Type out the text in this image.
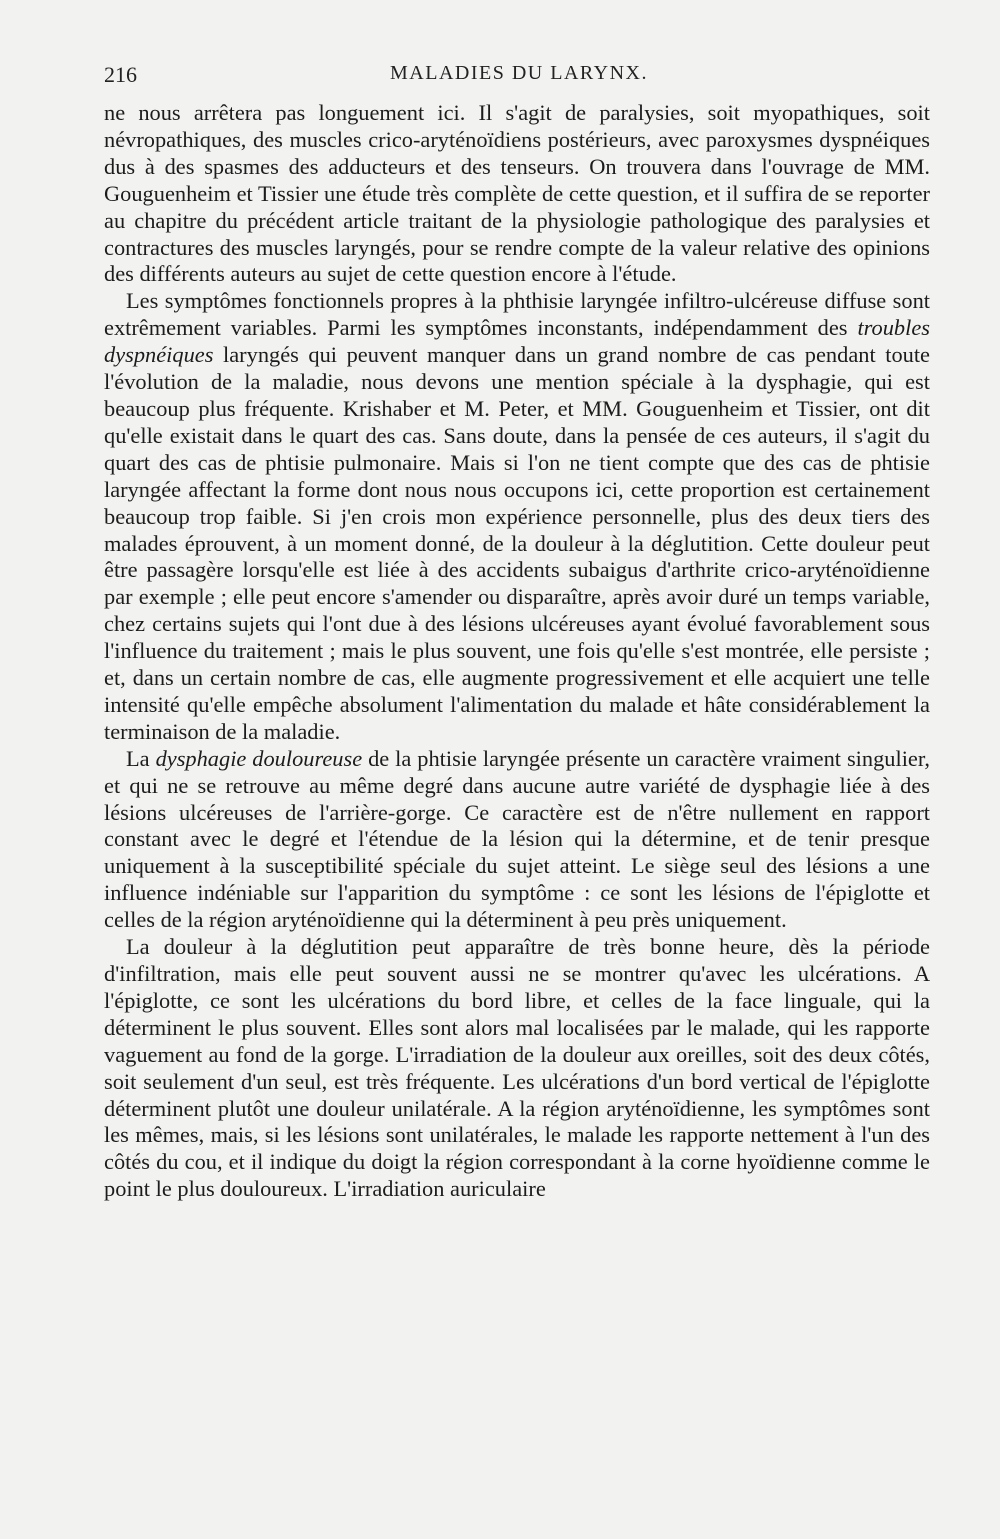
216	MALADIES DU LARYNX.

ne nous arrêtera pas longuement ici. Il s'agit de paralysies, soit myopathiques, soit névropathiques, des muscles crico-aryténoïdiens postérieurs, avec paroxysmes dyspnéiques dus à des spasmes des adducteurs et des tenseurs. On trouvera dans l'ouvrage de MM. Gouguenheim et Tissier une étude très complète de cette question, et il suffira de se reporter au chapitre du précédent article traitant de la physiologie pathologique des paralysies et contractures des muscles laryngés, pour se rendre compte de la valeur relative des opinions des différents auteurs au sujet de cette question encore à l'étude.

Les symptômes fonctionnels propres à la phthisie laryngée infiltro-ulcéreuse diffuse sont extrêmement variables. Parmi les symptômes inconstants, indépendamment des troubles dyspnéiques laryngés qui peuvent manquer dans un grand nombre de cas pendant toute l'évolution de la maladie, nous devons une mention spéciale à la dysphagie, qui est beaucoup plus fréquente. Krishaber et M. Peter, et MM. Gouguenheim et Tissier, ont dit qu'elle existait dans le quart des cas. Sans doute, dans la pensée de ces auteurs, il s'agit du quart des cas de phtisie pulmonaire. Mais si l'on ne tient compte que des cas de phtisie laryngée affectant la forme dont nous nous occupons ici, cette proportion est certainement beaucoup trop faible. Si j'en crois mon expérience personnelle, plus des deux tiers des malades éprouvent, à un moment donné, de la douleur à la déglutition. Cette douleur peut être passagère lorsqu'elle est liée à des accidents subaigus d'arthrite crico-aryténoïdienne par exemple ; elle peut encore s'amender ou disparaître, après avoir duré un temps variable, chez certains sujets qui l'ont due à des lésions ulcéreuses ayant évolué favorablement sous l'influence du traitement ; mais le plus souvent, une fois qu'elle s'est montrée, elle persiste ; et, dans un certain nombre de cas, elle augmente progressivement et elle acquiert une telle intensité qu'elle empêche absolument l'alimentation du malade et hâte considérablement la terminaison de la maladie.

La dysphagie douloureuse de la phtisie laryngée présente un caractère vraiment singulier, et qui ne se retrouve au même degré dans aucune autre variété de dysphagie liée à des lésions ulcéreuses de l'arrière-gorge. Ce caractère est de n'être nullement en rapport constant avec le degré et l'étendue de la lésion qui la détermine, et de tenir presque uniquement à la susceptibilité spéciale du sujet atteint. Le siège seul des lésions a une influence indéniable sur l'apparition du symptôme : ce sont les lésions de l'épiglotte et celles de la région aryténoïdienne qui la déterminent à peu près uniquement.

La douleur à la déglutition peut apparaître de très bonne heure, dès la période d'infiltration, mais elle peut souvent aussi ne se montrer qu'avec les ulcérations. A l'épiglotte, ce sont les ulcérations du bord libre, et celles de la face linguale, qui la déterminent le plus souvent. Elles sont alors mal localisées par le malade, qui les rapporte vaguement au fond de la gorge. L'irradiation de la douleur aux oreilles, soit des deux côtés, soit seulement d'un seul, est très fréquente. Les ulcérations d'un bord vertical de l'épiglotte déterminent plutôt une douleur unilatérale. A la région aryténoïdienne, les symptômes sont les mêmes, mais, si les lésions sont unilatérales, le malade les rapporte nettement à l'un des côtés du cou, et il indique du doigt la région correspondant à la corne hyoïdienne comme le point le plus douloureux. L'irradiation auriculaire
